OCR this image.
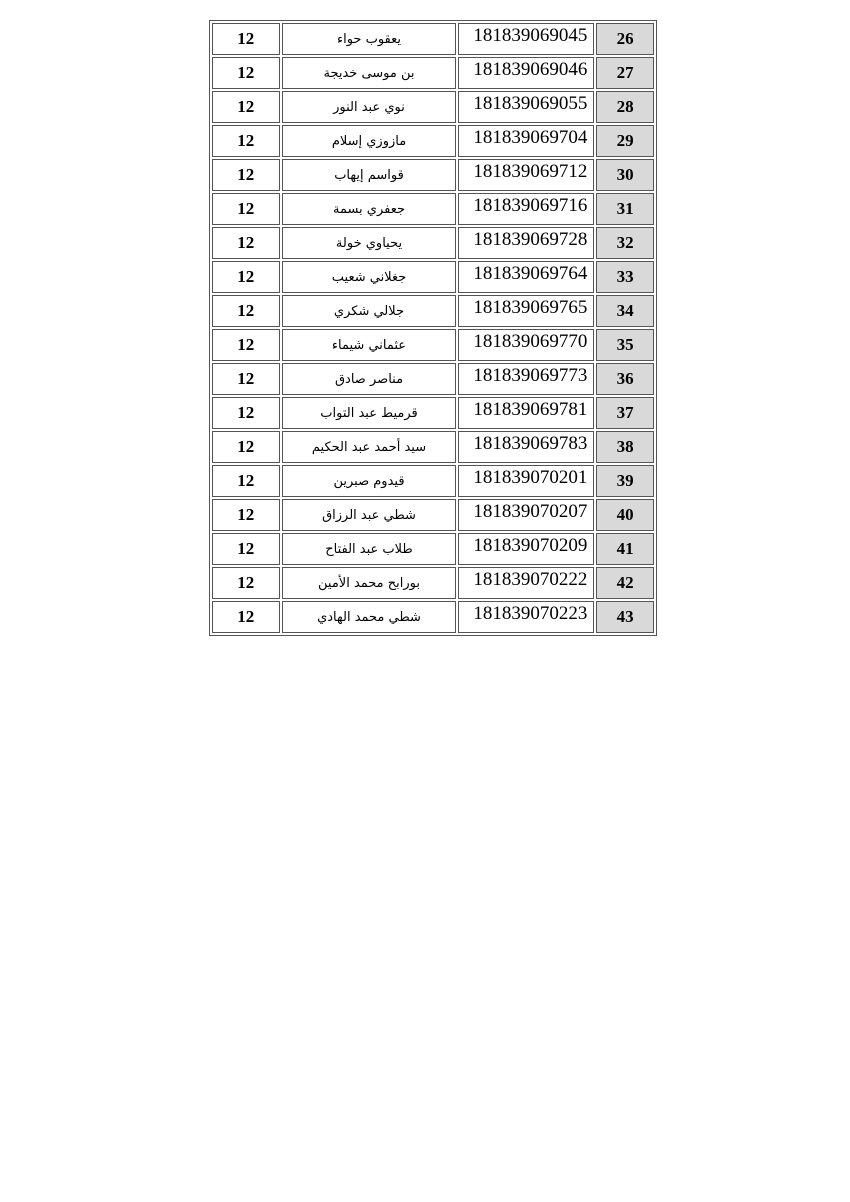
12	يعقوب حواء	181839069045	26
12	بن موسى خديجة	181839069046	27
12	نوي عبد النور	181839069055	28
12	مازوزي إسلام	181839069704	29
12	قواسم إيهاب	181839069712	30
12	جعفري بسمة	181839069716	31
12	يحياوي خولة	181839069728	32
12	جغلاني شعيب	181839069764	33
12	جلالي شكري	181839069765	34
12	عثماني شيماء	181839069770	35
12	مناصر صادق	181839069773	36
12	قرميط عبد التواب	181839069781	37
12	سيد أحمد عبد الحكيم	181839069783	38
12	قيدوم صبرين	181839070201	39
12	شطي عبد الرزاق	181839070207	40
12	طلاب عبد الفتاح	181839070209	41
12	بورابح محمد الأمين	181839070222	42
12	شطي محمد الهادي	181839070223	43
